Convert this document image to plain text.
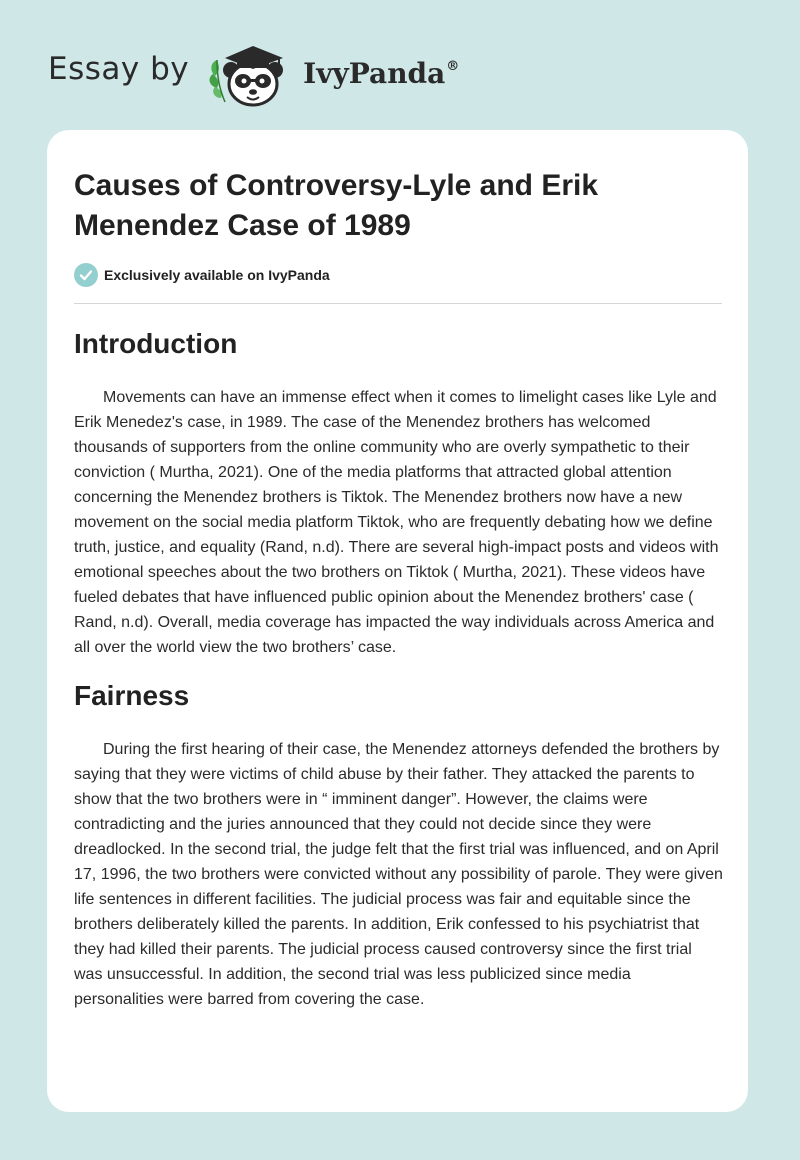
Essay by	IvyPanda®
Causes of Controversy-Lyle and Erik Menendez Case of 1989
Exclusively available on IvyPanda
Introduction

Movements can have an immense effect when it comes to limelight cases like Lyle and Erik Menedez's case, in 1989. The case of the Menendez brothers has welcomed thousands of supporters from the online community who are overly sympathetic to their conviction ( Murtha, 2021). One of the media platforms that attracted global attention concerning the Menendez brothers is Tiktok. The Menendez brothers now have a new movement on the social media platform Tiktok, who are frequently debating how we define truth, justice, and equality (Rand, n.d). There are several high-impact posts and videos with emotional speeches about the two brothers on Tiktok ( Murtha, 2021). These videos have fueled debates that have influenced public opinion about the Menendez brothers' case ( Rand, n.d). Overall, media coverage has impacted the way individuals across America and all over the world view the two brothers’ case.

Fairness

During the first hearing of their case, the Menendez attorneys defended the brothers by saying that they were victims of child abuse by their father. They attacked the parents to show that the two brothers were in “ imminent danger”. However, the claims were contradicting and the juries announced that they could not decide since they were dreadlocked. In the second trial, the judge felt that the first trial was influenced, and on April 17, 1996, the two brothers were convicted without any possibility of parole. They were given life sentences in different facilities. The judicial process was fair and equitable since the brothers deliberately killed the parents. In addition, Erik confessed to his psychiatrist that they had killed their parents. The judicial process caused controversy since the first trial was unsuccessful. In addition, the second trial was less publicized since media personalities were barred from covering the case.
